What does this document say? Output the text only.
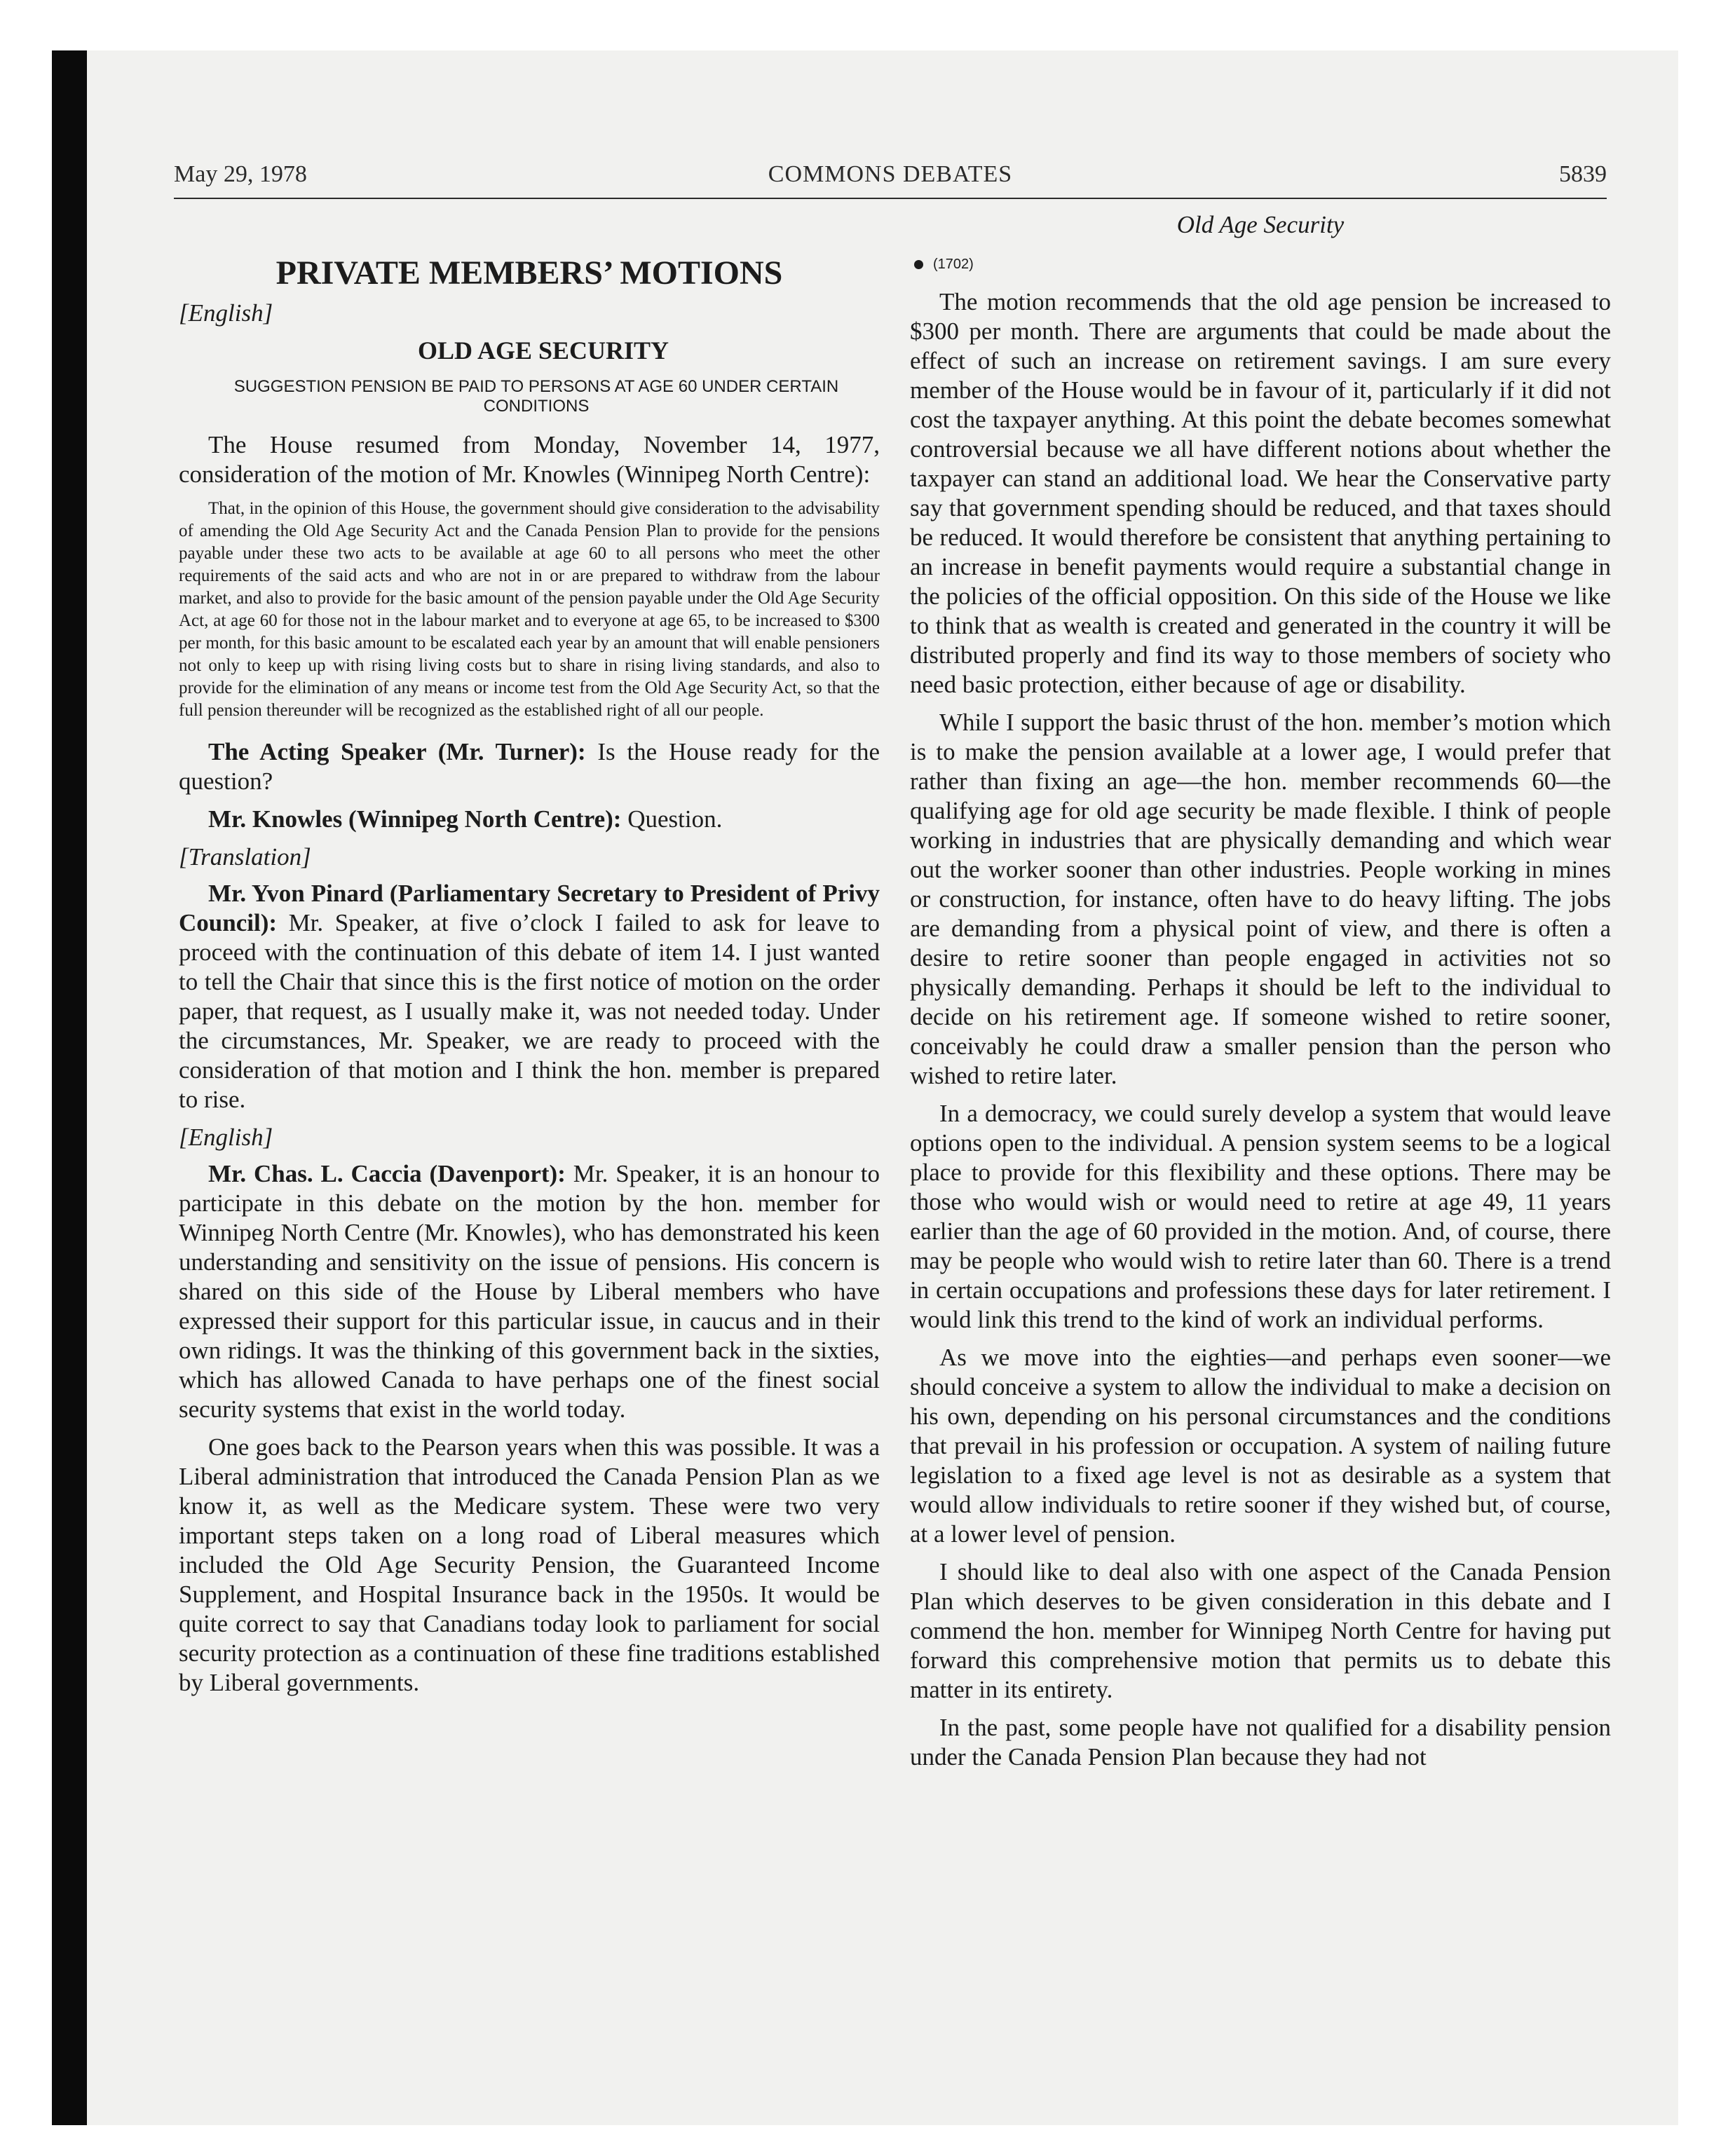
May 29, 1978	COMMONS DEBATES	5839
PRIVATE MEMBERS’ MOTIONS
[English]
OLD AGE SECURITY
SUGGESTION PENSION BE PAID TO PERSONS AT AGE 60 UNDER CERTAIN CONDITIONS

The House resumed from Monday, November 14, 1977, consideration of the motion of Mr. Knowles (Winnipeg North Centre):

That, in the opinion of this House, the government should give consideration to the advisability of amending the Old Age Security Act and the Canada Pension Plan to provide for the pensions payable under these two acts to be available at age 60 to all persons who meet the other requirements of the said acts and who are not in or are prepared to withdraw from the labour market, and also to provide for the basic amount of the pension payable under the Old Age Security Act, at age 60 for those not in the labour market and to everyone at age 65, to be increased to $300 per month, for this basic amount to be escalated each year by an amount that will enable pensioners not only to keep up with rising living costs but to share in rising living standards, and also to provide for the elimination of any means or income test from the Old Age Security Act, so that the full pension thereunder will be recognized as the established right of all our people.

The Acting Speaker (Mr. Turner): Is the House ready for the question?

Mr. Knowles (Winnipeg North Centre): Question.

[Translation]

Mr. Yvon Pinard (Parliamentary Secretary to President of Privy Council): Mr. Speaker, at five o’clock I failed to ask for leave to proceed with the continuation of this debate of item 14. I just wanted to tell the Chair that since this is the first notice of motion on the order paper, that request, as I usually make it, was not needed today. Under the circumstances, Mr. Speaker, we are ready to proceed with the consideration of that motion and I think the hon. member is prepared to rise.

[English]

Mr. Chas. L. Caccia (Davenport): Mr. Speaker, it is an honour to participate in this debate on the motion by the hon. member for Winnipeg North Centre (Mr. Knowles), who has demonstrated his keen understanding and sensitivity on the issue of pensions. His concern is shared on this side of the House by Liberal members who have expressed their support for this particular issue, in caucus and in their own ridings. It was the thinking of this government back in the sixties, which has allowed Canada to have perhaps one of the finest social security systems that exist in the world today.

One goes back to the Pearson years when this was possible. It was a Liberal administration that introduced the Canada Pension Plan as we know it, as well as the Medicare system. These were two very important steps taken on a long road of Liberal measures which included the Old Age Security Pension, the Guaranteed Income Supplement, and Hospital Insurance back in the 1950s. It would be quite correct to say that Canadians today look to parliament for social security protection as a continuation of these fine traditions established by Liberal governments.

Old Age Security
(1702)

The motion recommends that the old age pension be increased to $300 per month. There are arguments that could be made about the effect of such an increase on retirement savings. I am sure every member of the House would be in favour of it, particularly if it did not cost the taxpayer anything. At this point the debate becomes somewhat controversial because we all have different notions about whether the taxpayer can stand an additional load. We hear the Conservative party say that government spending should be reduced, and that taxes should be reduced. It would therefore be consistent that anything pertaining to an increase in benefit payments would require a substantial change in the policies of the official opposition. On this side of the House we like to think that as wealth is created and generated in the country it will be distributed properly and find its way to those members of society who need basic protection, either because of age or disability.

While I support the basic thrust of the hon. member’s motion which is to make the pension available at a lower age, I would prefer that rather than fixing an age—the hon. member recommends 60—the qualifying age for old age security be made flexible. I think of people working in industries that are physically demanding and which wear out the worker sooner than other industries. People working in mines or construction, for instance, often have to do heavy lifting. The jobs are demanding from a physical point of view, and there is often a desire to retire sooner than people engaged in activities not so physically demanding. Perhaps it should be left to the individual to decide on his retirement age. If someone wished to retire sooner, conceivably he could draw a smaller pension than the person who wished to retire later.

In a democracy, we could surely develop a system that would leave options open to the individual. A pension system seems to be a logical place to provide for this flexibility and these options. There may be those who would wish or would need to retire at age 49, 11 years earlier than the age of 60 provided in the motion. And, of course, there may be people who would wish to retire later than 60. There is a trend in certain occupations and professions these days for later retirement. I would link this trend to the kind of work an individual performs.

As we move into the eighties—and perhaps even sooner—we should conceive a system to allow the individual to make a decision on his own, depending on his personal circumstances and the conditions that prevail in his profession or occupation. A system of nailing future legislation to a fixed age level is not as desirable as a system that would allow individuals to retire sooner if they wished but, of course, at a lower level of pension.

I should like to deal also with one aspect of the Canada Pension Plan which deserves to be given consideration in this debate and I commend the hon. member for Winnipeg North Centre for having put forward this comprehensive motion that permits us to debate this matter in its entirety.

In the past, some people have not qualified for a disability pension under the Canada Pension Plan because they had not
